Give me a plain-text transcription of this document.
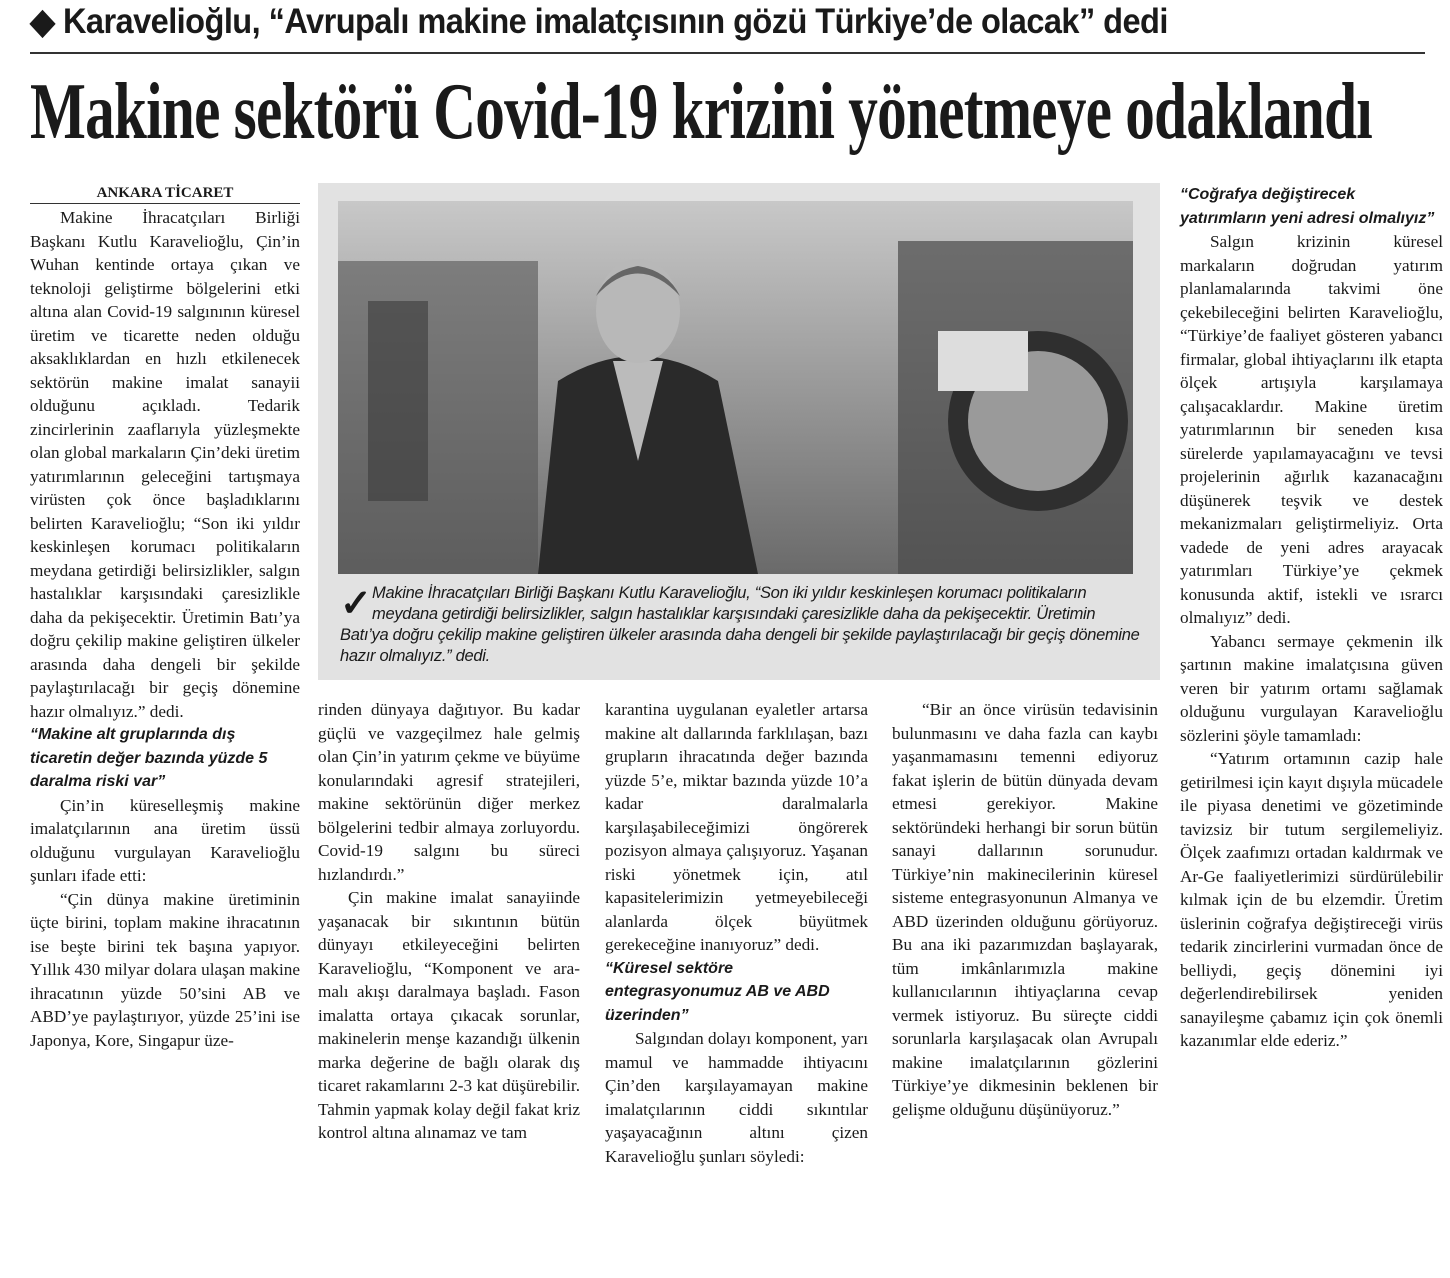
◆ Karavelioğlu, “Avrupalı makine imalatçısının gözü Türkiye’de olacak” dedi
Makine sektörü Covid-19 krizini yönetmeye odaklandı
ANKARA TİCARET

Makine İhracatçıları Birliği Başkanı Kutlu Karavelioğlu, Çin’in Wuhan kentinde ortaya çıkan ve teknoloji geliştirme bölgelerini etki altına alan Covid-19 salgınının küresel üretim ve ticarette neden olduğu aksaklıklardan en hızlı etkilenecek sektörün makine imalat sanayii olduğunu açıkladı. Tedarik zincirlerinin zaaflarıyla yüzleşmekte olan global markaların Çin’deki üretim yatırımlarının geleceğini tartışmaya virüsten çok önce başladıklarını belirten Karavelioğlu; “Son iki yıldır keskinleşen korumacı politikaların meydana getirdiği belirsizlikler, salgın hastalıklar karşısındaki çaresizlikle daha da pekişecektir. Üretimin Batı’ya doğru çekilip makine geliştiren ülkeler arasında daha dengeli bir şekilde paylaştırılacağı bir geçiş dönemine hazır olmalıyız.” dedi.

“Makine alt gruplarında dış ticaretin değer bazında yüzde 5 daralma riski var”

Çin’in küreselleşmiş makine imalatçılarının ana üretim üssü olduğunu vurgulayan Karavelioğlu şunları ifade etti:

“Çin dünya makine üretiminin üçte birini, toplam makine ihracatının ise beşte birini tek başına yapıyor. Yıllık 430 milyar dolara ulaşan makine ihracatının yüzde 50’sini AB ve ABD’ye paylaştırıyor, yüzde 25’ini ise Japonya, Kore, Singapur üze-

✓ Makine İhracatçıları Birliği Başkanı Kutlu Karavelioğlu, “Son iki yıldır keskinleşen korumacı politikaların meydana getirdiği belirsizlikler, salgın hastalıklar karşısındaki çaresizlikle daha da pekişecektir. Üretimin Batı’ya doğru çekilip makine geliştiren ülkeler arasında daha dengeli bir şekilde paylaştırılacağı bir geçiş dönemine hazır olmalıyız.” dedi.

rinden dünyaya dağıtıyor. Bu kadar güçlü ve vazgeçilmez hale gelmiş olan Çin’in yatırım çekme ve büyüme konularındaki agresif stratejileri, makine sektörünün diğer merkez bölgelerini tedbir almaya zorluyordu. Covid-19 salgını bu süreci hızlandırdı.”

Çin makine imalat sanayiinde yaşanacak bir sıkıntının bütün dünyayı etkileyeceğini belirten Karavelioğlu, “Komponent ve ara-malı akışı daralmaya başladı. Fason imalatta ortaya çıkacak sorunlar, makinelerin menşe kazandığı ülkenin marka değerine de bağlı olarak dış ticaret rakamlarını 2-3 kat düşürebilir. Tahmin yapmak kolay değil fakat kriz kontrol altına alınamaz ve tam

karantina uygulanan eyaletler artarsa makine alt dallarında farklılaşan, bazı grupların ihracatında değer bazında yüzde 5’e, miktar bazında yüzde 10’a kadar daralmalarla karşılaşabileceğimizi öngörerek pozisyon almaya çalışıyoruz. Yaşanan riski yönetmek için, atıl kapasitelerimizin yetmeyebileceği alanlarda ölçek büyütmek gerekeceğine inanıyoruz” dedi.

“Küresel sektöre entegrasyonumuz AB ve ABD üzerinden”

Salgından dolayı komponent, yarı mamul ve hammadde ihtiyacını Çin’den karşılayamayan makine imalatçılarının ciddi sıkıntılar yaşayacağının altını çizen Karavelioğlu şunları söyledi:

“Bir an önce virüsün tedavisinin bulunmasını ve daha fazla can kaybı yaşanmamasını temenni ediyoruz fakat işlerin de bütün dünyada devam etmesi gerekiyor. Makine sektöründeki herhangi bir sorun bütün sanayi dallarının sorunudur. Türkiye’nin makinecilerinin küresel sisteme entegrasyonunun Almanya ve ABD üzerinden olduğunu görüyoruz. Bu ana iki pazarımızdan başlayarak, tüm imkânlarımızla makine kullanıcılarının ihtiyaçlarına cevap vermek istiyoruz. Bu süreçte ciddi sorunlarla karşılaşacak olan Avrupalı makine imalatçılarının gözlerini Türkiye’ye dikmesinin beklenen bir gelişme olduğunu düşünüyoruz.”

“Coğrafya değiştirecek yatırımların yeni adresi olmalıyız”

Salgın krizinin küresel markaların doğrudan yatırım planlamalarında takvimi öne çekebileceğini belirten Karavelioğlu, “Türkiye’de faaliyet gösteren yabancı firmalar, global ihtiyaçlarını ilk etapta ölçek artışıyla karşılamaya çalışacaklardır. Makine üretim yatırımlarının bir seneden kısa sürelerde yapılamayacağını ve tevsi projelerinin ağırlık kazanacağını düşünerek teşvik ve destek mekanizmaları geliştirmeliyiz. Orta vadede de yeni adres arayacak yatırımları Türkiye’ye çekmek konusunda aktif, istekli ve ısrarcı olmalıyız” dedi.

Yabancı sermaye çekmenin ilk şartının makine imalatçısına güven veren bir yatırım ortamı sağlamak olduğunu vurgulayan Karavelioğlu sözlerini şöyle tamamladı:

“Yatırım ortamının cazip hale getirilmesi için kayıt dışıyla mücadele ile piyasa denetimi ve gözetiminde tavizsiz bir tutum sergilemeliyiz. Ölçek zaafımızı ortadan kaldırmak ve Ar-Ge faaliyetlerimizi sürdürülebilir kılmak için de bu elzemdir. Üretim üslerinin coğrafya değiştireceği virüs tedarik zincirlerini vurmadan önce de belliydi, geçiş dönemini iyi değerlendirebilirsek yeniden sanayileşme çabamız için çok önemli kazanımlar elde ederiz.”
